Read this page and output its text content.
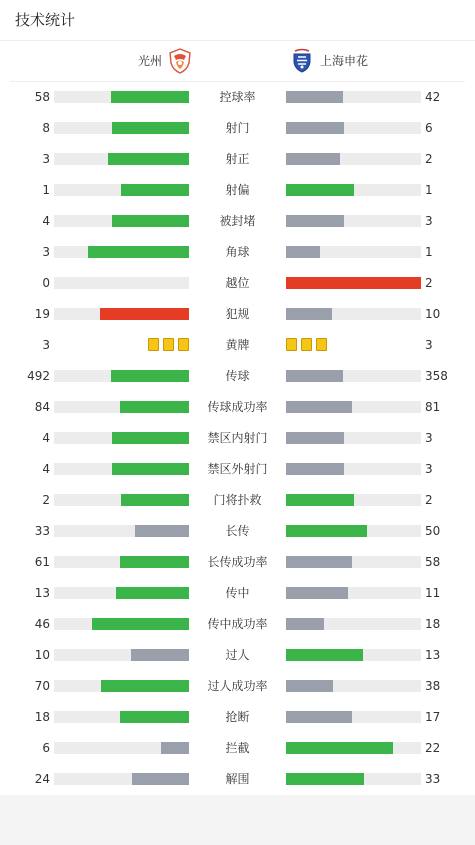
技术统计
光州	上海申花
58	控球率	42
8	射门	6
3	射正	2
1	射偏	1
4	被封堵	3
3	角球	1
0	越位	2
19	犯规	10
3	黄牌	3
492	传球	358
84	传球成功率	81
4	禁区内射门	3
4	禁区外射门	3
2	门将扑救	2
33	长传	50
61	长传成功率	58
13	传中	11
46	传中成功率	18
10	过人	13
70	过人成功率	38
18	抢断	17
6	拦截	22
24	解围	33
